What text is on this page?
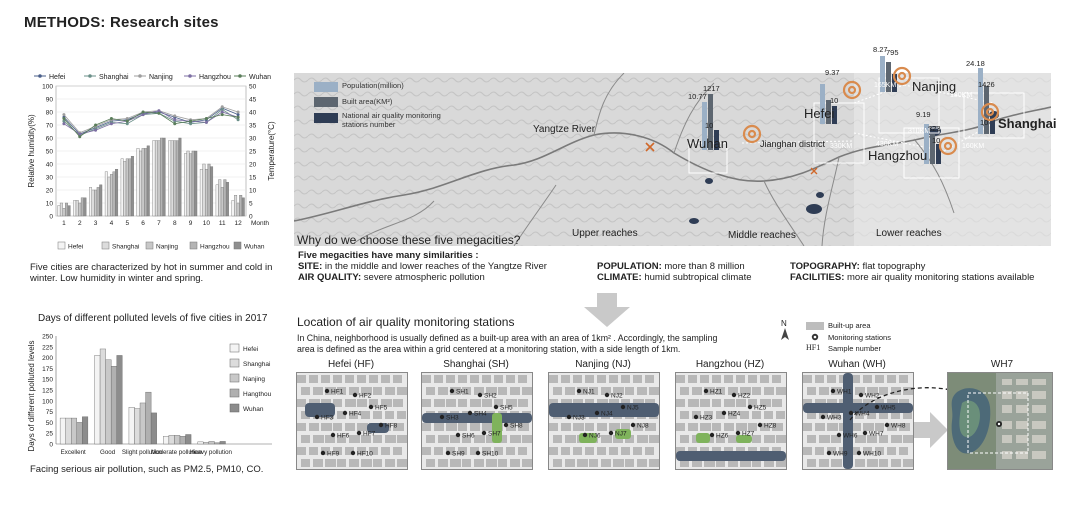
METHODS: Research sites
Hefei	Shanghai	Nanjing	Hangzhou	Wuhan
0
10
20
30
40
50
60
70
80
90
100
0
5
10
15
20
25
30
35
40
45
50
1 2 3 4 5 6 7 8 9 10 11 12 Month
Relative humidity(%)	Temperature(°C)
Hefei	Shanghai	Nanjing	Hangzhou Wuhan
Five cities are characterized by hot in summer and cold in winter. Low humidity in winter and spring.
Days of different polluted levels of five cities in 2017
0
25
50
75
100
125
150
175
200
225
250
Excellent Good Slight pollution
Moderate pollution
Heavy pollution
Days of different polluted levels	Hefei
Shanghai
Nanjing
Hangthou
Wuhan
Facing serious air pollution, such as PM2.5, PM10, CO.
Population(million)
Built area(KM²)
National air quality monitoring stations number	Yangtze River
Upper reaches	Middle reaches	Lower reaches
10.77
1217
10
9.37
10
8.27
795
9.19
823
10
24.18
1426
10
Wuhan
Hefei
Nanjing
Hangzhou
Shanghai
Jianghan district 330KM	430KM
165KM
310KM
180KM
160KM
Why do we choose these five megacities?
Five megacities have many similarities :
SITE: in the middle and lower reaches of the Yangtze River
AIR QUALITY: severe atmospheric pollution
POPULATION: more than 8 million
CLIMATE: humid subtropical climate
TOPOGRAPHY: flat topography
FACILITIES: more air quality monitoring stations available
Location of air quality monitoring stations
In China, neighborhood is usually defined as a built-up area with an area of 1km² . Accordingly, the sampling area is defined as the area within a grid centered at a monitoring station, with a side length of 1km.
N	Built-up area
Monitoring stations
HF1 Sample number
Hefei (HF)	Shanghai (SH)	Nanjing (NJ)	Hangzhou (HZ)	Wuhan (WH)	WH7
HF1
HF2
HF3
HF4
HF5
HF6 HF7
HF8
HF9	HF10
SH1
SH2
SH3
SH4
SH5
SH6 SH7
SH8
SH9	SH10
NJ1
NJ2
NJ3
NJ4
NJ5
NJ6 NJ7
NJ8
HZ1
HZ2
HZ3
HZ4
HZ5
HZ6 HZ7
HZ8
WH1
WH2
WH3
WH4
WH5
WH6 WH7
WH8
WH9 WH10
